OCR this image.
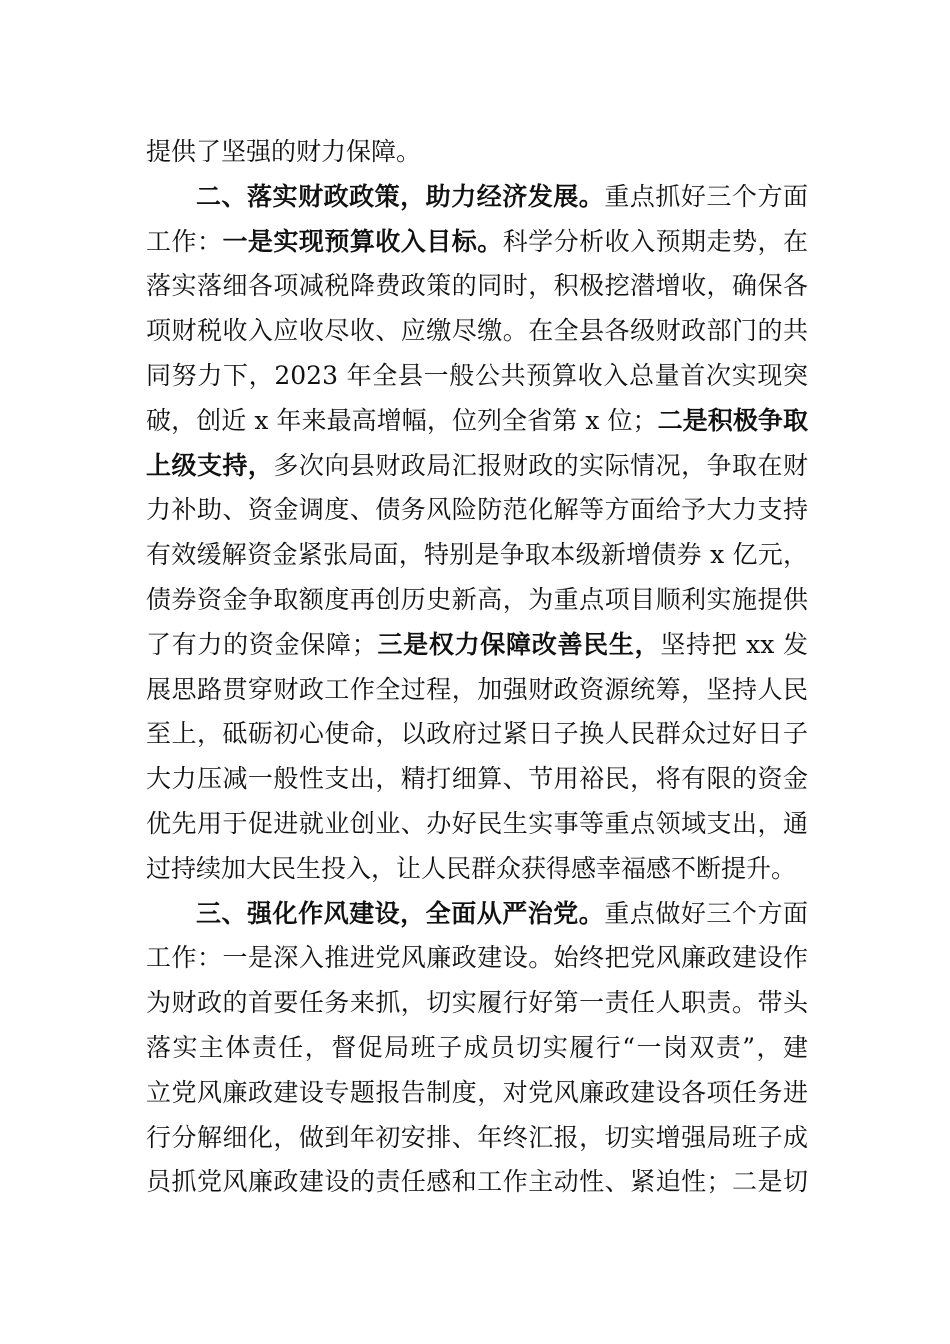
提供了坚强的财力保障。
二、落实财政政策，助力经济发展。重点抓好三个方面
工作：一是实现预算收入目标。科学分析收入预期走势，在
落实落细各项减税降费政策的同时，积极挖潜增收，确保各
项财税收入应收尽收、应缴尽缴。在全县各级财政部门的共
同努力下，2023 年全县一般公共预算收入总量首次实现突
破，创近 x 年来最高增幅，位列全省第 x 位；二是积极争取
上级支持，多次向县财政局汇报财政的实际情况，争取在财
力补助、资金调度、债务风险防范化解等方面给予大力支持
有效缓解资金紧张局面，特别是争取本级新增债券 x 亿元，
债券资金争取额度再创历史新高，为重点项目顺利实施提供
了有力的资金保障；三是权力保障改善民生，坚持把 xx 发
展思路贯穿财政工作全过程，加强财政资源统筹，坚持人民
至上，砥砺初心使命，以政府过紧日子换人民群众过好日子
大力压减一般性支出，精打细算、节用裕民，将有限的资金
优先用于促进就业创业、办好民生实事等重点领域支出，通
过持续加大民生投入，让人民群众获得感幸福感不断提升。
三、强化作风建设，全面从严治党。重点做好三个方面
工作：一是深入推进党风廉政建设。始终把党风廉政建设作
为财政的首要任务来抓，切实履行好第一责任人职责。带头
落实主体责任，督促局班子成员切实履行“一岗双责”，建
立党风廉政建设专题报告制度，对党风廉政建设各项任务进
行分解细化，做到年初安排、年终汇报，切实增强局班子成
员抓党风廉政建设的责任感和工作主动性、紧迫性；二是切
